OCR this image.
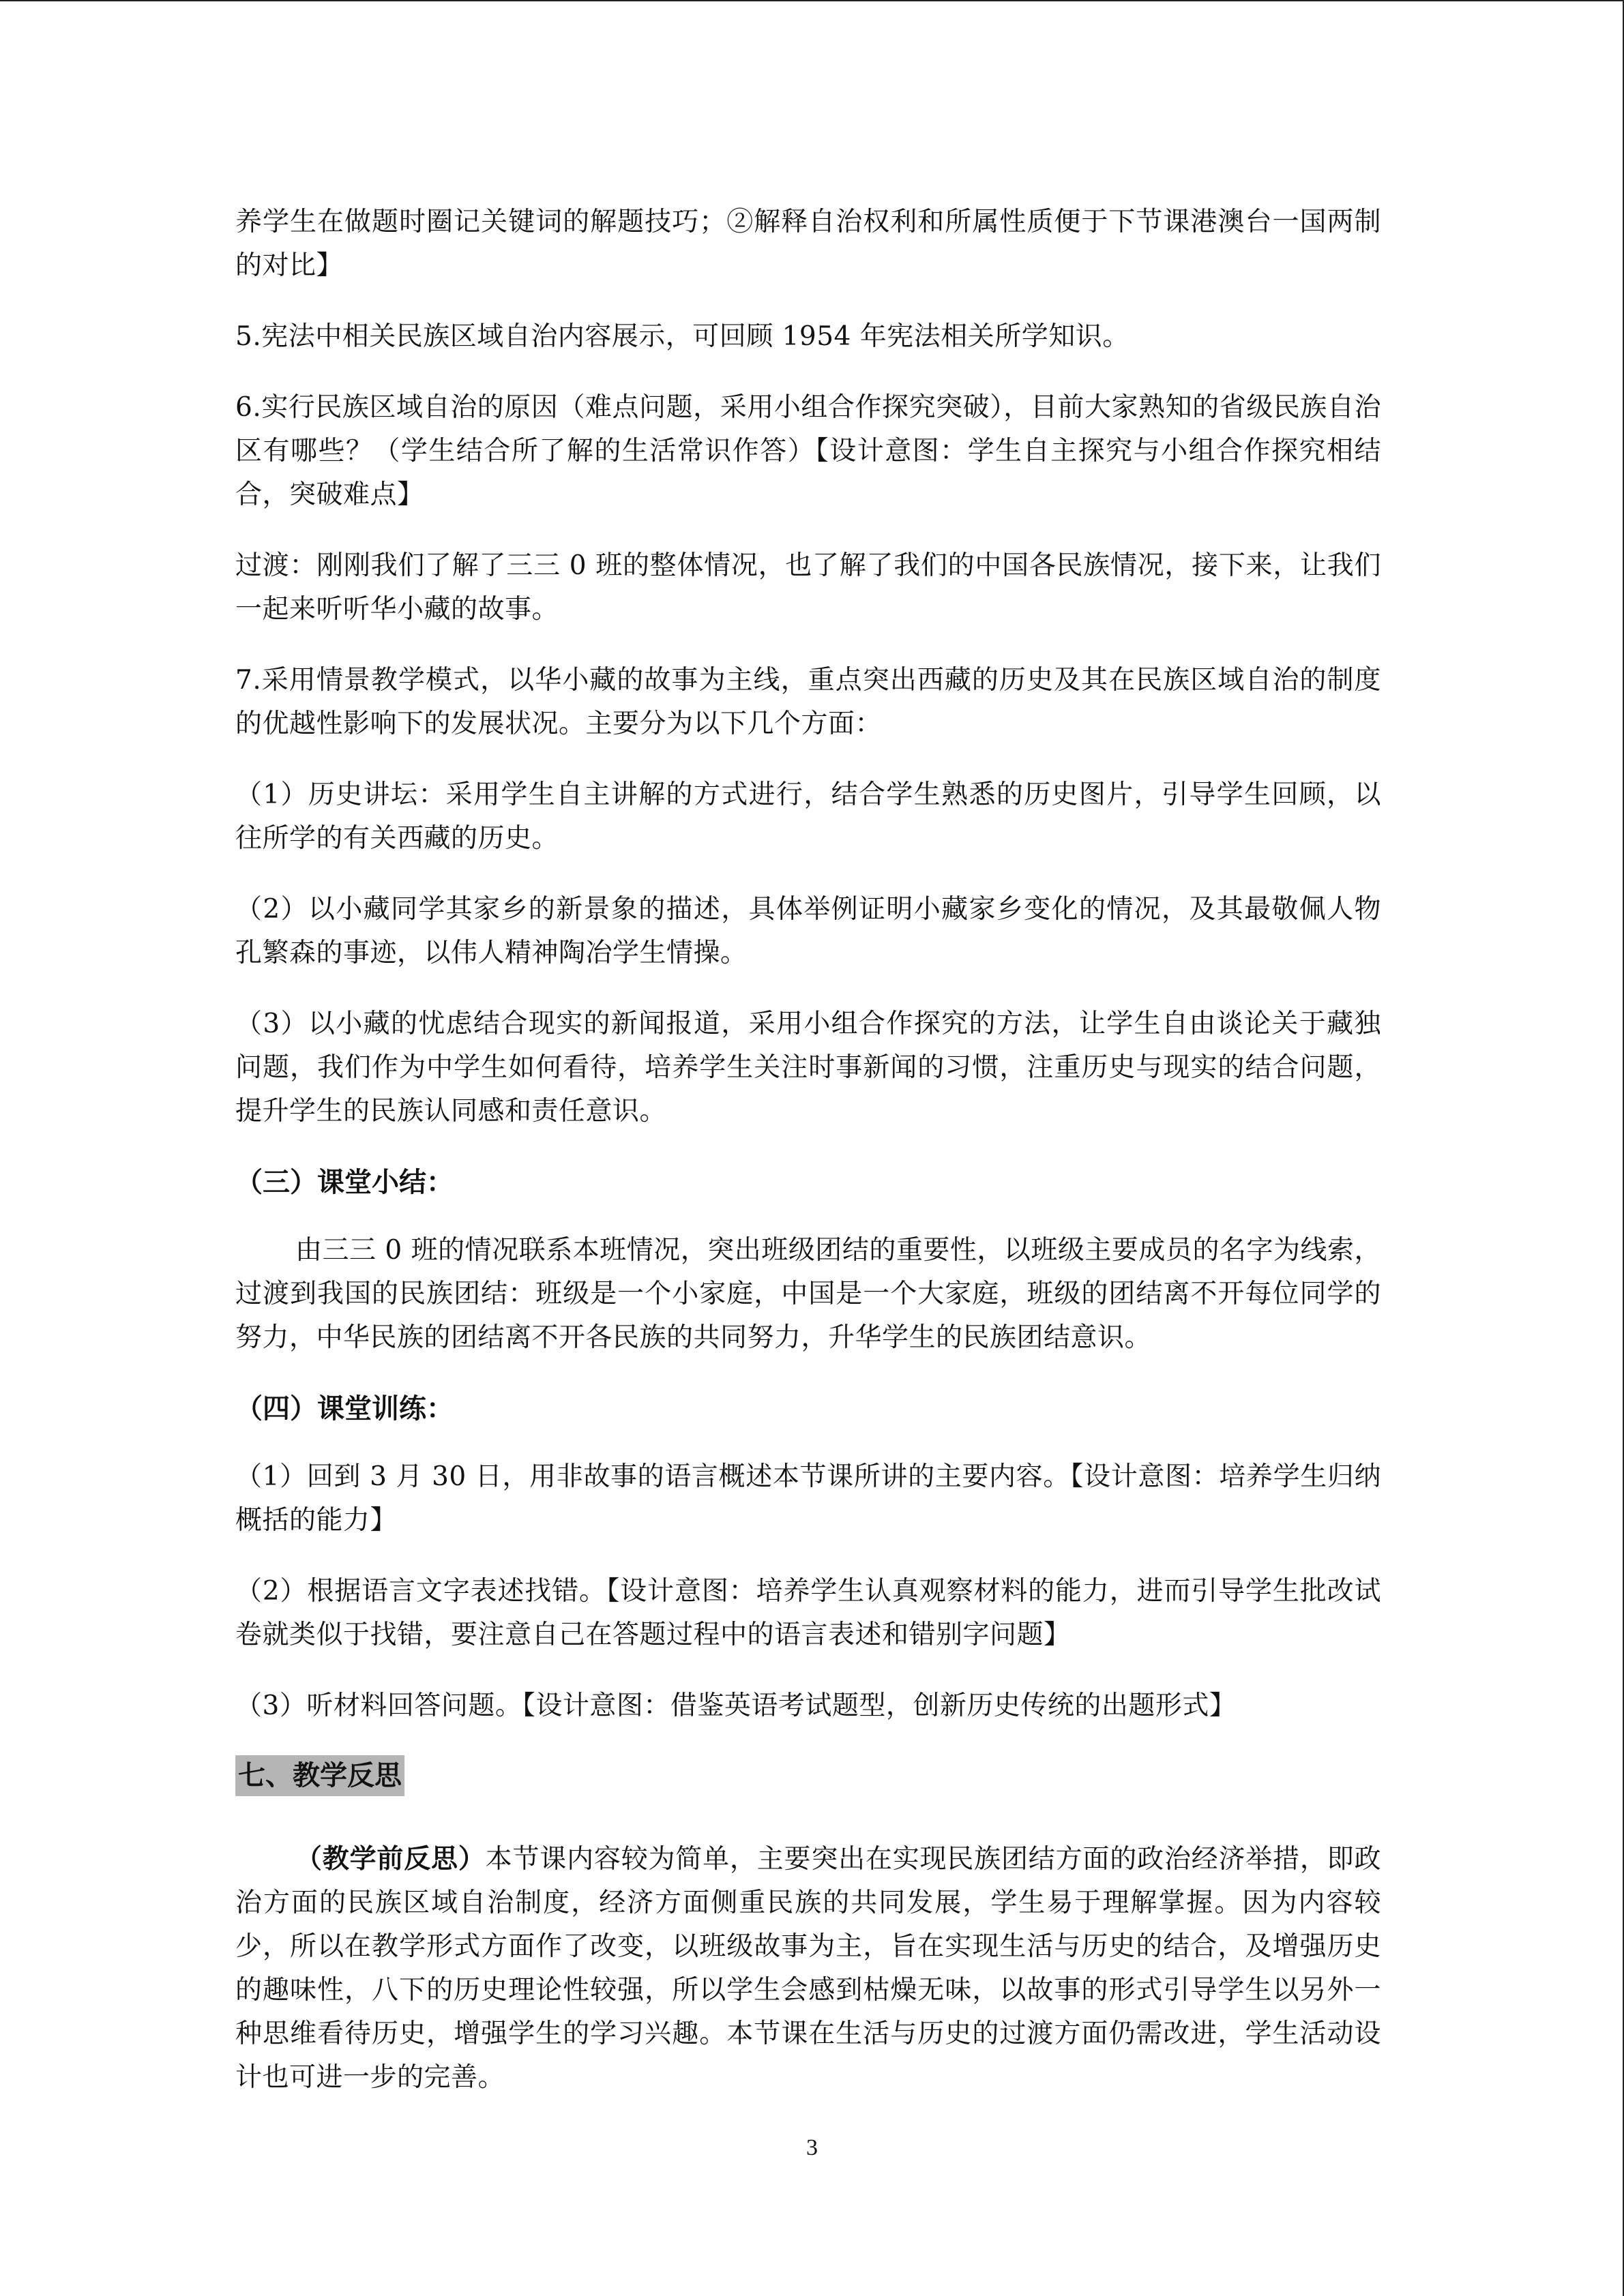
养学生在做题时圈记关键词的解题技巧；②解释自治权利和所属性质便于下节课港澳台一国两制的对比】

5.宪法中相关民族区域自治内容展示，可回顾 1954 年宪法相关所学知识。

6.实行民族区域自治的原因（难点问题，采用小组合作探究突破），目前大家熟知的省级民族自治区有哪些？（学生结合所了解的生活常识作答）【设计意图：学生自主探究与小组合作探究相结合，突破难点】

过渡：刚刚我们了解了三三 0 班的整体情况，也了解了我们的中国各民族情况，接下来，让我们一起来听听华小藏的故事。

7.采用情景教学模式，以华小藏的故事为主线，重点突出西藏的历史及其在民族区域自治的制度的优越性影响下的发展状况。主要分为以下几个方面：

（1）历史讲坛：采用学生自主讲解的方式进行，结合学生熟悉的历史图片，引导学生回顾，以往所学的有关西藏的历史。

（2）以小藏同学其家乡的新景象的描述，具体举例证明小藏家乡变化的情况，及其最敬佩人物孔繁森的事迹，以伟人精神陶冶学生情操。

（3）以小藏的忧虑结合现实的新闻报道，采用小组合作探究的方法，让学生自由谈论关于藏独问题，我们作为中学生如何看待，培养学生关注时事新闻的习惯，注重历史与现实的结合问题，提升学生的民族认同感和责任意识。

（三）课堂小结：

由三三 0 班的情况联系本班情况，突出班级团结的重要性，以班级主要成员的名字为线索，过渡到我国的民族团结：班级是一个小家庭，中国是一个大家庭，班级的团结离不开每位同学的努力，中华民族的团结离不开各民族的共同努力，升华学生的民族团结意识。

（四）课堂训练：

（1）回到 3 月 30 日，用非故事的语言概述本节课所讲的主要内容。【设计意图：培养学生归纳概括的能力】

（2）根据语言文字表述找错。【设计意图：培养学生认真观察材料的能力，进而引导学生批改试卷就类似于找错，要注意自己在答题过程中的语言表述和错别字问题】

（3）听材料回答问题。【设计意图：借鉴英语考试题型，创新历史传统的出题形式】

七、教学反思

（教学前反思）本节课内容较为简单，主要突出在实现民族团结方面的政治经济举措，即政治方面的民族区域自治制度，经济方面侧重民族的共同发展，学生易于理解掌握。因为内容较少，所以在教学形式方面作了改变，以班级故事为主，旨在实现生活与历史的结合，及增强历史的趣味性，八下的历史理论性较强，所以学生会感到枯燥无味，以故事的形式引导学生以另外一种思维看待历史，增强学生的学习兴趣。本节课在生活与历史的过渡方面仍需改进，学生活动设计也可进一步的完善。

3
